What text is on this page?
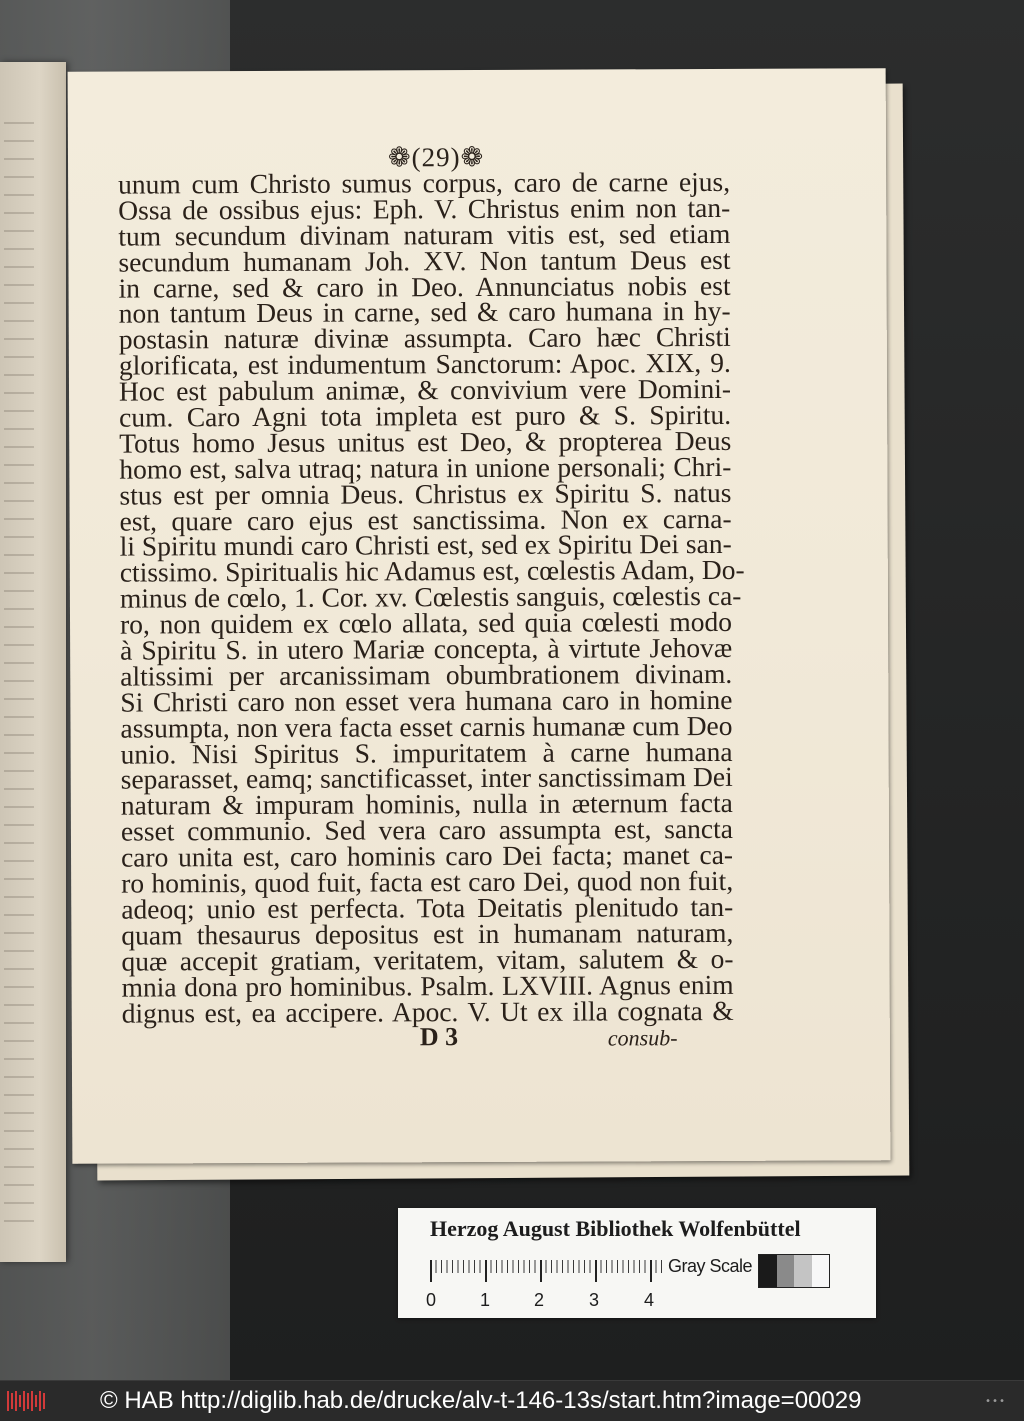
❁(29)❁
unum cum Christo sumus corpus, caro de carne ejus,
Ossa de ossibus ejus: Eph. V. Christus enim non tan-
tum secundum divinam naturam vitis est, sed etiam
secundum humanam Joh. XV. Non tantum Deus est
in carne, sed & caro in Deo. Annunciatus nobis est
non tantum Deus in carne, sed & caro humana in hy-
postasin naturæ divinæ assumpta. Caro hæc Christi
glorificata, est indumentum Sanctorum: Apoc. XIX, 9.
Hoc est pabulum animæ, & convivium vere Domini-
cum. Caro Agni tota impleta est puro & S. Spiritu.
Totus homo Jesus unitus est Deo, & propterea Deus
homo est, salva utraq; natura in unione personali; Chri-
stus est per omnia Deus. Christus ex Spiritu S. natus
est, quare caro ejus est sanctissima. Non ex carna-
li Spiritu mundi caro Christi est, sed ex Spiritu Dei san-
ctissimo. Spiritualis hic Adamus est, cœlestis Adam, Do-
minus de cœlo, 1. Cor. xv. Cœlestis sanguis, cœlestis ca-
ro, non quidem ex cœlo allata, sed quia cœlesti modo
à Spiritu S. in utero Mariæ concepta, à virtute Jehovæ
altissimi per arcanissimam obumbrationem divinam.
Si Christi caro non esset vera humana caro in homine
assumpta, non vera facta esset carnis humanæ cum Deo
unio. Nisi Spiritus S. impuritatem à carne humana
separasset, eamq; sanctificasset, inter sanctissimam Dei
naturam & impuram hominis, nulla in æternum facta
esset communio. Sed vera caro assumpta est, sancta
caro unita est, caro hominis caro Dei facta; manet ca-
ro hominis, quod fuit, facta est caro Dei, quod non fuit,
adeoq; unio est perfecta. Tota Deitatis plenitudo tan-
quam thesaurus depositus est in humanam naturam,
quæ accepit gratiam, veritatem, vitam, salutem & o-
mnia dona pro hominibus. Psalm. LXVIII. Agnus enim
dignus est, ea accipere. Apoc. V. Ut ex illa cognata &
D 3	consub-
Herzog August Bibliothek Wolfenbüttel
0 1 2 3 4
Gray Scale
© HAB http://diglib.hab.de/drucke/alv-t-146-13s/start.htm?image=00029	•••
